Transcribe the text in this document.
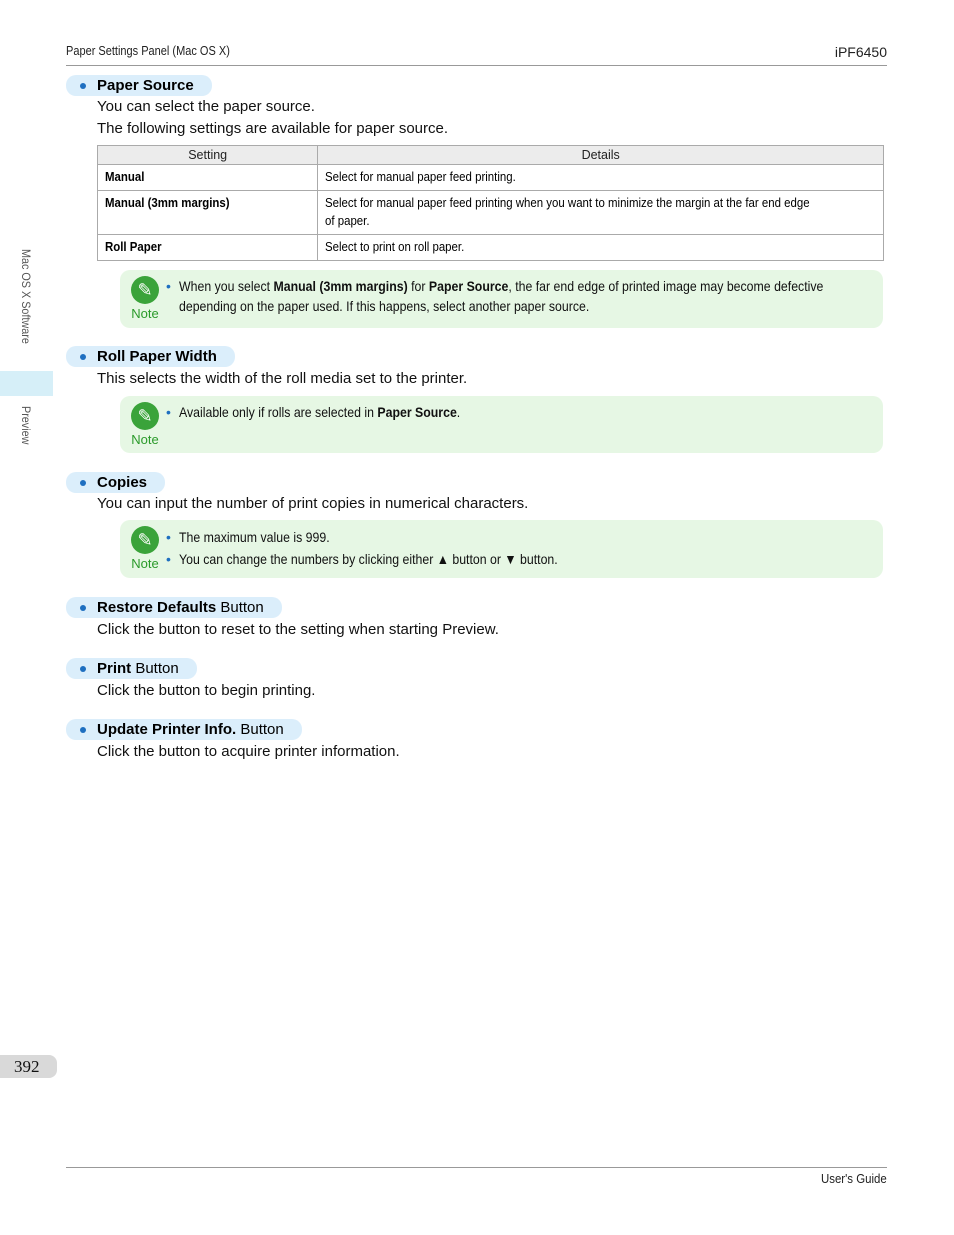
Paper Settings Panel (Mac OS X)	iPF6450
Mac OS X Software
Preview
392
User's Guide
Paper Source
You can select the paper source.
The following settings are available for paper source.
Setting	Details
Manual	Select for manual paper feed printing.
Manual (3mm margins)	Select for manual paper feed printing when you want to minimize the margin at the far end edge
of paper.
Roll Paper	Select to print on roll paper.
✎
Note
• When you select Manual (3mm margins) for Paper Source, the far end edge of printed image may become defective
depending on the paper used. If this happens, select another paper source.
Roll Paper Width
This selects the width of the roll media set to the printer.
✎
Note
• Available only if rolls are selected in Paper Source.
Copies
You can input the number of print copies in numerical characters.
✎
Note
• The maximum value is 999.
• You can change the numbers by clicking either ▲ button or ▼ button.
Restore Defaults Button
Click the button to reset to the setting when starting Preview.
Print Button
Click the button to begin printing.
Update Printer Info. Button
Click the button to acquire printer information.
